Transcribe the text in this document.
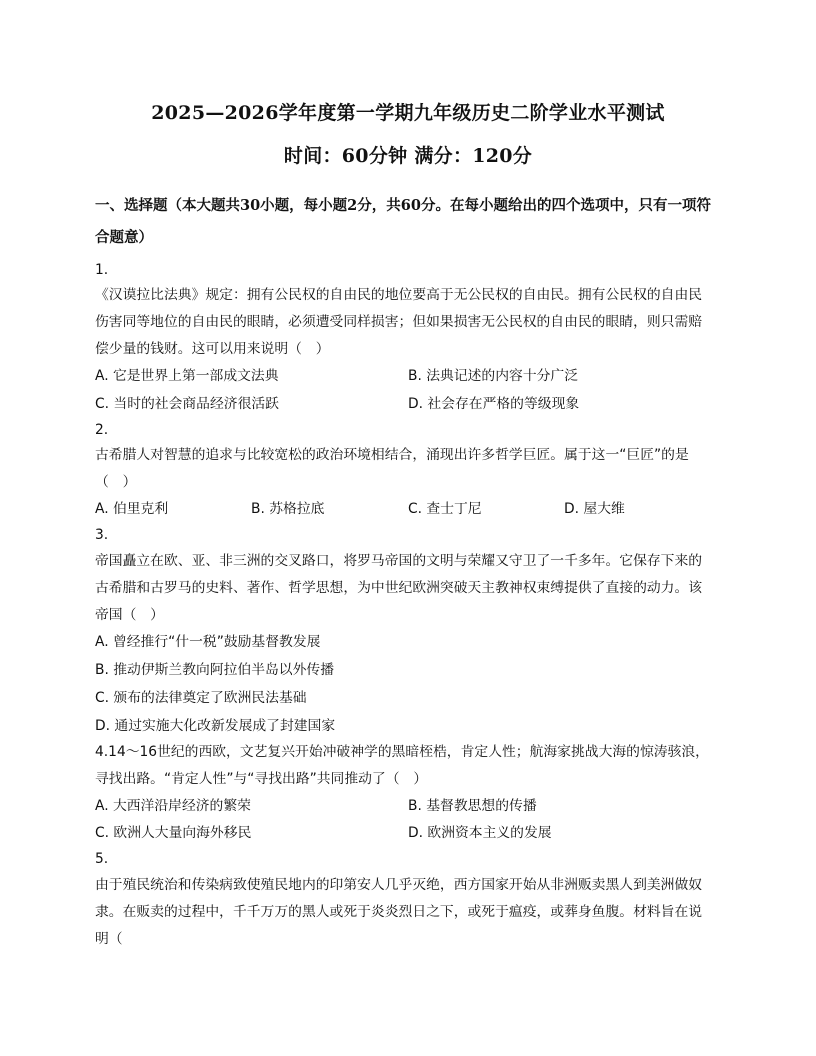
2025—2026学年度第一学期九年级历史二阶学业水平测试
时间：60分钟 满分：120分
一、选择题（本大题共30小题，每小题2分，共60分。在每小题给出的四个选项中，只有一项符合题意）
1.
《汉谟拉比法典》规定：拥有公民权的自由民的地位要高于无公民权的自由民。拥有公民权的自由民
伤害同等地位的自由民的眼睛，必须遭受同样损害；但如果损害无公民权的自由民的眼睛，则只需赔
偿少量的钱财。这可以用来说明（　）
A. 它是世界上第一部成文法典	B. 法典记述的内容十分广泛
C. 当时的社会商品经济很活跃	D. 社会存在严格的等级现象
2.
古希腊人对智慧的追求与比较宽松的政治环境相结合，涌现出许多哲学巨匠。属于这一“巨匠”的是
（　）
A. 伯里克利	B. 苏格拉底	C. 查士丁尼	D. 屋大维
3.
帝国矗立在欧、亚、非三洲的交叉路口，将罗马帝国的文明与荣耀又守卫了一千多年。它保存下来的
古希腊和古罗马的史料、著作、哲学思想，为中世纪欧洲突破天主教神权束缚提供了直接的动力。该
帝国（　）
A. 曾经推行“什一税”鼓励基督教发展
B. 推动伊斯兰教向阿拉伯半岛以外传播
C. 颁布的法律奠定了欧洲民法基础
D. 通过实施大化改新发展成了封建国家
4.14～16世纪的西欧，文艺复兴开始冲破神学的黑暗桎梏，肯定人性；航海家挑战大海的惊涛骇浪，
寻找出路。“肯定人性”与“寻找出路”共同推动了（　）
A. 大西洋沿岸经济的繁荣	B. 基督教思想的传播
C. 欧洲人大量向海外移民	D. 欧洲资本主义的发展
5.
由于殖民统治和传染病致使殖民地内的印第安人几乎灭绝，西方国家开始从非洲贩卖黑人到美洲做奴
隶。在贩卖的过程中，千千万万的黑人或死于炎炎烈日之下，或死于瘟疫，或葬身鱼腹。材料旨在说
明（
